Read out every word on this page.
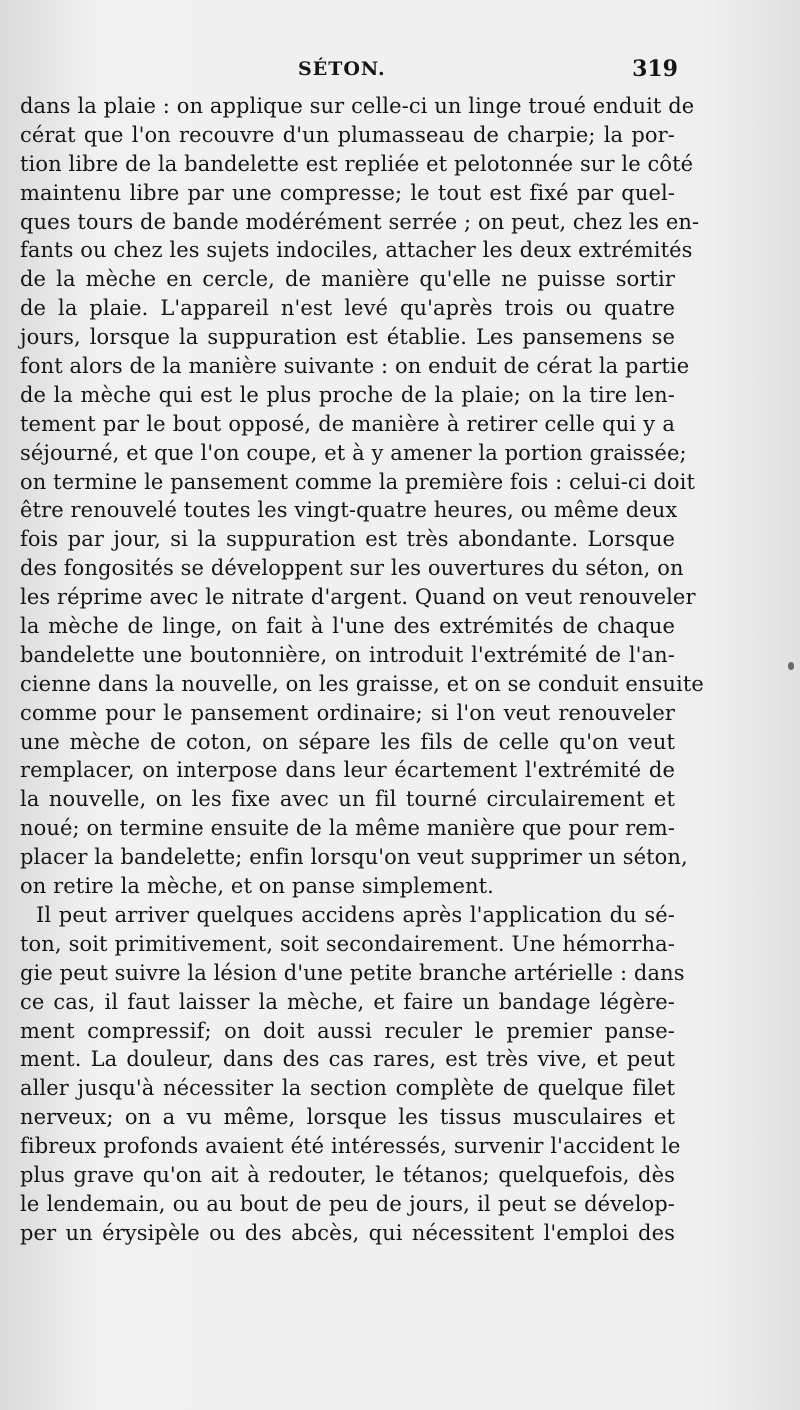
SÉTON.	319
dans la plaie : on applique sur celle-ci un linge troué enduit de
cérat que l'on recouvre d'un plumasseau de charpie; la por-
tion libre de la bandelette est repliée et pelotonnée sur le côté
maintenu libre par une compresse; le tout est fixé par quel-
ques tours de bande modérément serrée ; on peut, chez les en-
fants ou chez les sujets indociles, attacher les deux extrémités
de la mèche en cercle, de manière qu'elle ne puisse sortir
de la plaie. L'appareil n'est levé qu'après trois ou quatre
jours, lorsque la suppuration est établie. Les pansemens se
font alors de la manière suivante : on enduit de cérat la partie
de la mèche qui est le plus proche de la plaie; on la tire len-
tement par le bout opposé, de manière à retirer celle qui y a
séjourné, et que l'on coupe, et à y amener la portion graissée;
on termine le pansement comme la première fois : celui-ci doit
être renouvelé toutes les vingt-quatre heures, ou même deux
fois par jour, si la suppuration est très abondante. Lorsque
des fongosités se développent sur les ouvertures du séton, on
les réprime avec le nitrate d'argent. Quand on veut renouveler
la mèche de linge, on fait à l'une des extrémités de chaque
bandelette une boutonnière, on introduit l'extrémité de l'an-
cienne dans la nouvelle, on les graisse, et on se conduit ensuite
comme pour le pansement ordinaire; si l'on veut renouveler
une mèche de coton, on sépare les fils de celle qu'on veut
remplacer, on interpose dans leur écartement l'extrémité de
la nouvelle, on les fixe avec un fil tourné circulairement et
noué; on termine ensuite de la même manière que pour rem-
placer la bandelette; enfin lorsqu'on veut supprimer un séton,
on retire la mèche, et on panse simplement.
Il peut arriver quelques accidens après l'application du sé-
ton, soit primitivement, soit secondairement. Une hémorrha-
gie peut suivre la lésion d'une petite branche artérielle : dans
ce cas, il faut laisser la mèche, et faire un bandage légère-
ment compressif; on doit aussi reculer le premier panse-
ment. La douleur, dans des cas rares, est très vive, et peut
aller jusqu'à nécessiter la section complète de quelque filet
nerveux; on a vu même, lorsque les tissus musculaires et
fibreux profonds avaient été intéressés, survenir l'accident le
plus grave qu'on ait à redouter, le tétanos; quelquefois, dès
le lendemain, ou au bout de peu de jours, il peut se dévelop-
per un érysipèle ou des abcès, qui nécessitent l'emploi des
